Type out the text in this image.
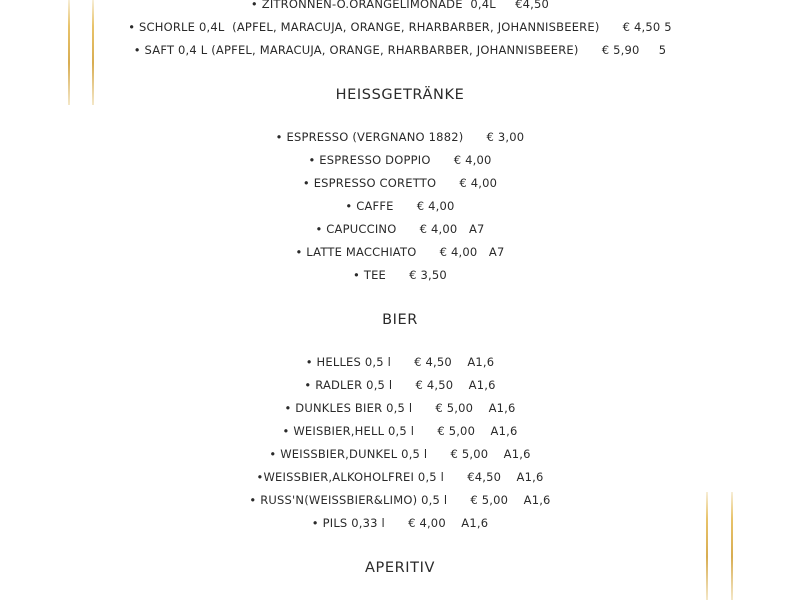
• ZITRONNEN-O.ORANGELIMONADE  0,4L     €4,50
• SCHORLE 0,4L  (APFEL, MARACUJA, ORANGE, RHARBARBER, JOHANNISBEERE)      € 4,50 5
• SAFT 0,4 L (APFEL, MARACUJA, ORANGE, RHARBARBER, JOHANNISBEERE)      € 5,90     5
HEISSGETRÄNKE
• ESPRESSO (VERGNANO 1882)      € 3,00
• ESPRESSO DOPPIO      € 4,00
• ESPRESSO CORETTO      € 4,00
• CAFFE      € 4,00
• CAPUCCINO      € 4,00   A7
• LATTE MACCHIATO      € 4,00   A7
• TEE      € 3,50
BIER
• HELLES 0,5 l      € 4,50    A1,6
• RADLER 0,5 l      € 4,50    A1,6
• DUNKLES BIER 0,5 l      € 5,00    A1,6
• WEISBIER,HELL 0,5 l      € 5,00    A1,6
• WEISSBIER,DUNKEL 0,5 l      € 5,00    A1,6
•WEISSBIER,ALKOHOLFREI 0,5 l      €4,50    A1,6
• RUSS'N(WEISSBIER&LIMO) 0,5 l      € 5,00    A1,6
• PILS 0,33 l      € 4,00    A1,6
APERITIV
